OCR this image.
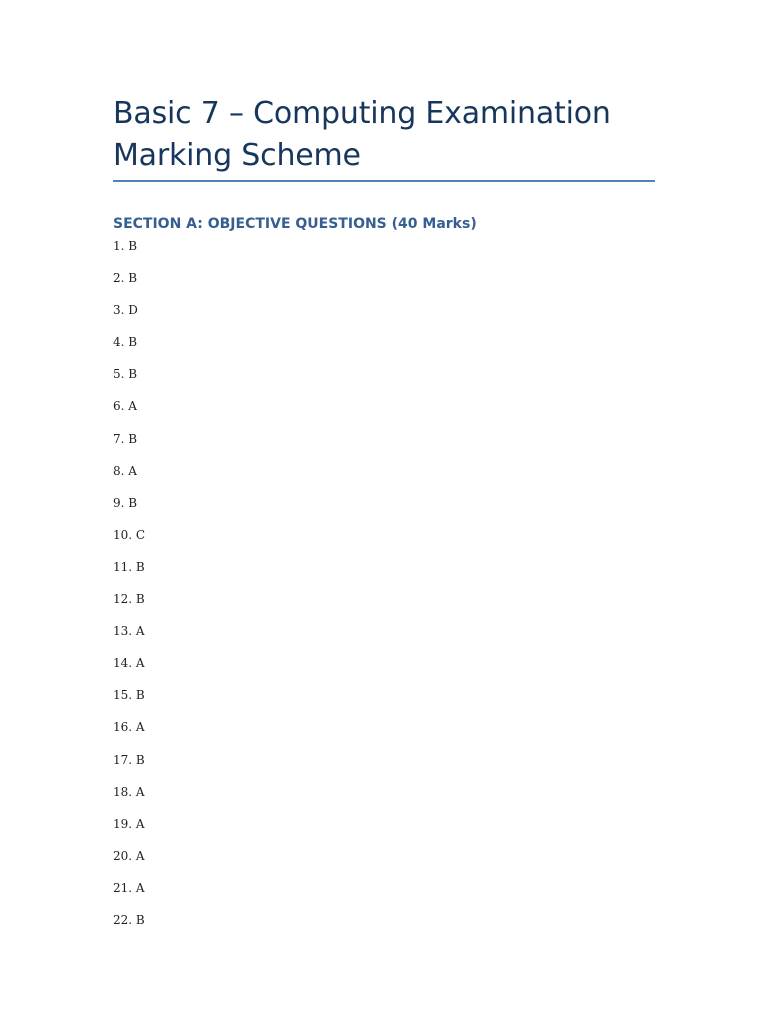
Basic 7 – Computing Examination Marking Scheme
SECTION A: OBJECTIVE QUESTIONS (40 Marks)
1. B
2. B
3. D
4. B
5. B
6. A
7. B
8. A
9. B
10. C
11. B
12. B
13. A
14. A
15. B
16. A
17. B
18. A
19. A
20. A
21. A
22. B
